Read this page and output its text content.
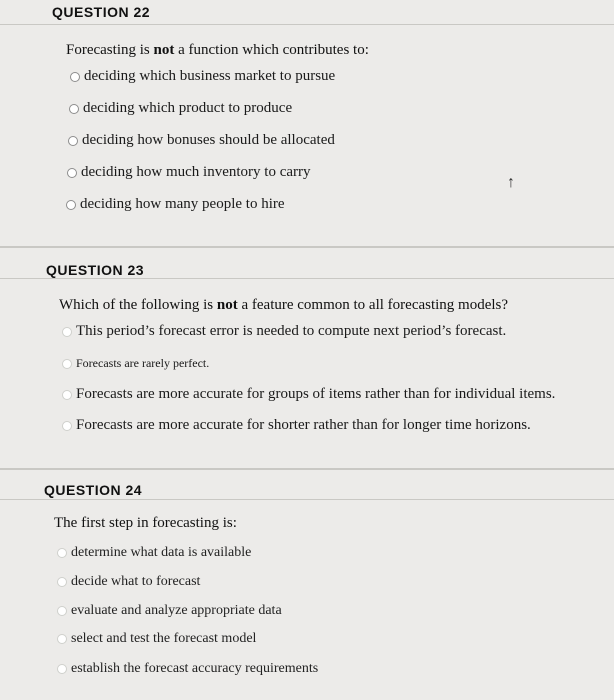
QUESTION 22
Forecasting is not a function which contributes to:
deciding which business market to pursue
deciding which product to produce
deciding how bonuses should be allocated
deciding how much inventory to carry
deciding how many people to hire
↑
QUESTION 23
Which of the following is not a feature common to all forecasting models?
This period’s forecast error is needed to compute next period’s forecast.
Forecasts are rarely perfect.
Forecasts are more accurate for groups of items rather than for individual items.
Forecasts are more accurate for shorter rather than for longer time horizons.
QUESTION 24
The first step in forecasting is:
determine what data is available
decide what to forecast
evaluate and analyze appropriate data
select and test the forecast model
establish the forecast accuracy requirements
